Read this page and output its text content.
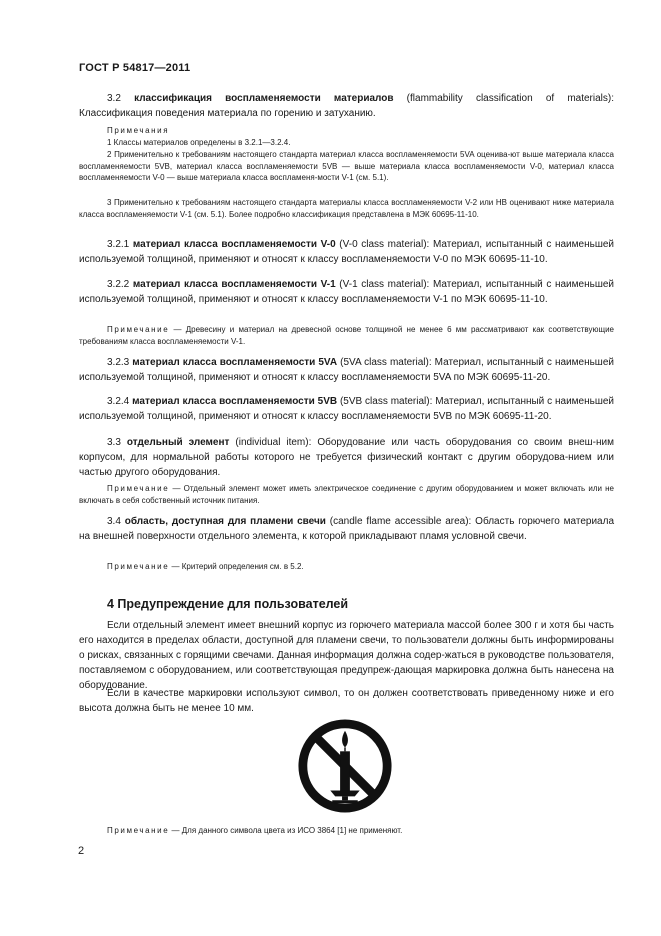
ГОСТ Р 54817—2011

3.2 классификация воспламеняемости материалов (flammability classification of materials): Классификация поведения материала по горению и затуханию.

Примечания

1 Классы материалов определены в 3.2.1—3.2.4.

2 Применительно к требованиям настоящего стандарта материал класса воспламеняемости 5VA оценива-ют выше материала класса воспламеняемости 5VB, материал класса воспламеняемости 5VB — выше материала класса воспламеняемости V-0, материал класса воспламеняемости V-0 — выше материала класса воспламеня-мости V-1 (см. 5.1).

3 Применительно к требованиям настоящего стандарта материалы класса воспламеняемости V-2 или НВ оценивают ниже материала класса воспламеняемости V-1 (см. 5.1). Более подробно классификация представлена в МЭК 60695-11-10.

3.2.1 материал класса воспламеняемости V-0 (V-0 class material): Материал, испытанный с наименьшей используемой толщиной, применяют и относят к классу воспламеняемости V-0 по МЭК 60695-11-10.

3.2.2 материал класса воспламеняемости V-1 (V-1 class material): Материал, испытанный с наименьшей используемой толщиной, применяют и относят к классу воспламеняемости V-1 по МЭК 60695-11-10.

Примечание — Древесину и материал на древесной основе толщиной не менее 6 мм рассматривают как соответствующие требованиям класса воспламеняемости V-1.

3.2.3 материал класса воспламеняемости 5VA (5VA class material): Материал, испытанный с наименьшей используемой толщиной, применяют и относят к классу воспламеняемости 5VA по МЭК 60695-11-20.

3.2.4 материал класса воспламеняемости 5VB (5VB class material): Материал, испытанный с наименьшей используемой толщиной, применяют и относят к классу воспламеняемости 5VB по МЭК 60695-11-20.

3.3 отдельный элемент (individual item): Оборудование или часть оборудования со своим внеш-ним корпусом, для нормальной работы которого не требуется физический контакт с другим оборудова-нием или частью другого оборудования.

Примечание — Отдельный элемент может иметь электрическое соединение с другим оборудованием и может включать или не включать в себя собственный источник питания.

3.4 область, доступная для пламени свечи (candle flame accessible area): Область горючего материала на внешней поверхности отдельного элемента, к которой прикладывают пламя условной свечи.

Примечание — Критерий определения см. в 5.2.

4 Предупреждение для пользователей

Если отдельный элемент имеет внешний корпус из горючего материала массой более 300 г и хотя бы часть его находится в пределах области, доступной для пламени свечи, то пользователи должны быть информированы о рисках, связанных с горящими свечами. Данная информация должна содер-жаться в руководстве пользователя, поставляемом с оборудованием, или соответствующая предупреж-дающая маркировка должна быть нанесена на оборудование.

Если в качестве маркировки используют символ, то он должен соответствовать приведенному ниже и его высота должна быть не менее 10 мм.

Примечание — Для данного символа цвета из ИСО 3864 [1] не применяют.

2
